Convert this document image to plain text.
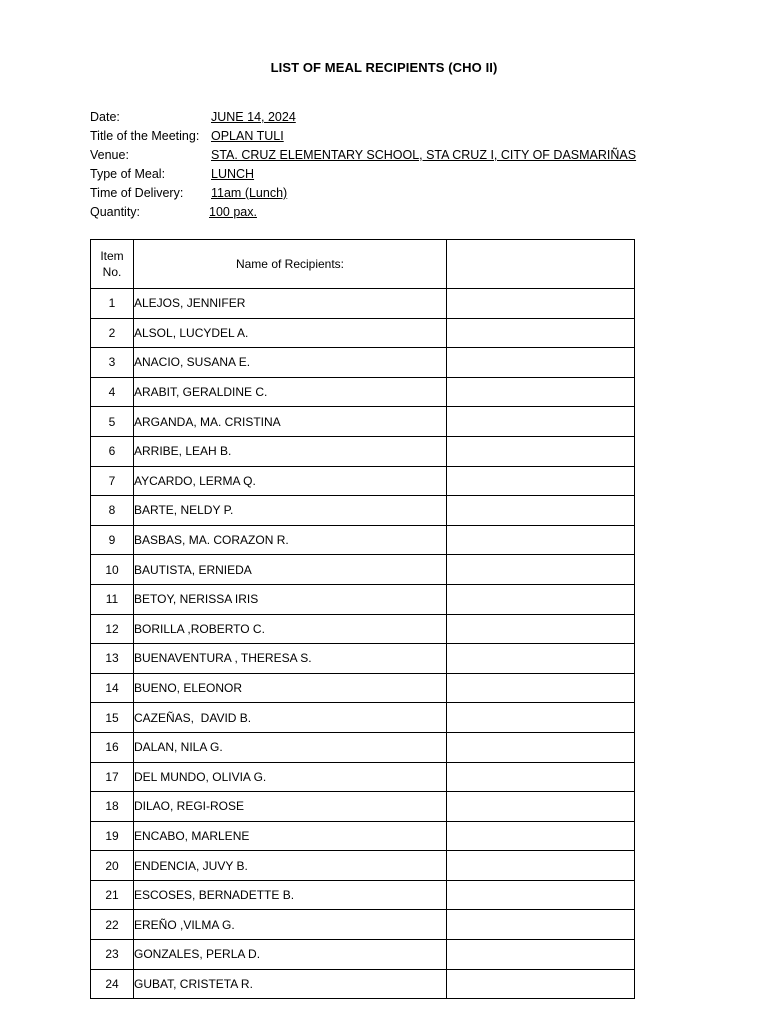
LIST OF MEAL RECIPIENTS (CHO II)
Date:	JUNE 14, 2024
Title of the Meeting: OPLAN TULI
Venue:	STA. CRUZ ELEMENTARY SCHOOL, STA CRUZ I, CITY OF DASMARIÑAS
Type of Meal:	LUNCH
Time of Delivery: 11am (Lunch)
Quantity:	100 pax.
Item
No.	Name of Recipients:	
1	ALEJOS, JENNIFER	
2	ALSOL, LUCYDEL A.	
3	ANACIO, SUSANA E.	
4	ARABIT, GERALDINE C.	
5	ARGANDA, MA. CRISTINA	
6	ARRIBE, LEAH B.	
7	AYCARDO, LERMA Q.	
8	BARTE, NELDY P.	
9	BASBAS, MA. CORAZON R.	
10	BAUTISTA, ERNIEDA	
11	BETOY, NERISSA IRIS	
12	BORILLA ,ROBERTO C.	
13	BUENAVENTURA , THERESA S.	
14	BUENO, ELEONOR	
15	CAZEÑAS,  DAVID B.	
16	DALAN, NILA G.	
17	DEL MUNDO, OLIVIA G.	
18	DILAO, REGI-ROSE	
19	ENCABO, MARLENE	
20	ENDENCIA, JUVY B.	
21	ESCOSES, BERNADETTE B.	
22	EREÑO ,VILMA G.	
23	GONZALES, PERLA D.	
24	GUBAT, CRISTETA R.	
